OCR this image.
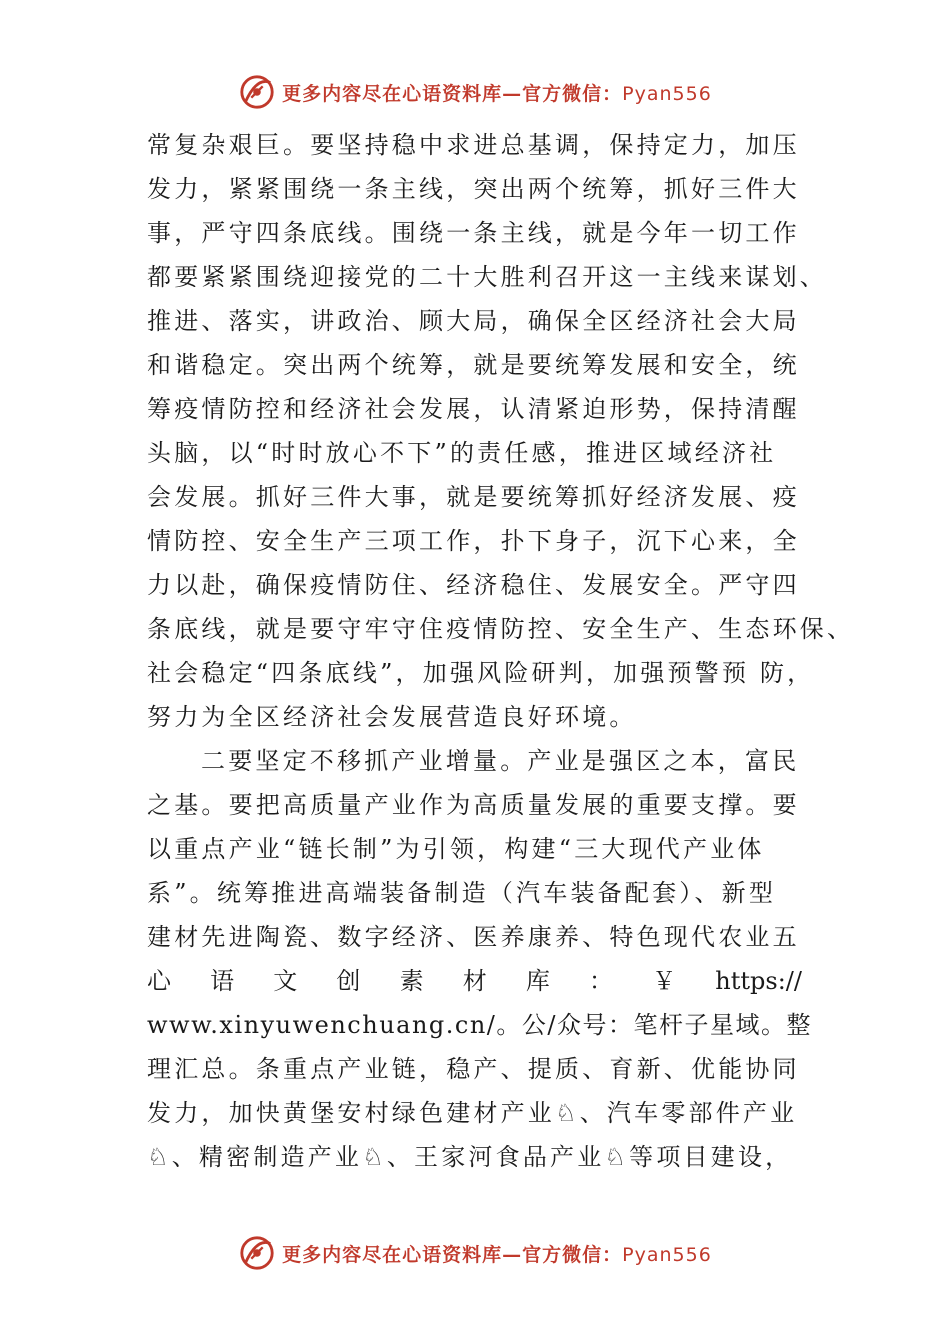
更多内容尽在心语资料库—官方微信：Pyan556
常复杂艰巨。要坚持稳中求进总基调，保持定力，加压
发力，紧紧围绕一条主线，突出两个统筹，抓好三件大
事，严守四条底线。围绕一条主线，就是今年一切工作
都要紧紧围绕迎接党的二十大胜利召开这一主线来谋划、
推进、落实，讲政治、顾大局，确保全区经济社会大局
和谐稳定。突出两个统筹，就是要统筹发展和安全，统
筹疫情防控和经济社会发展，认清紧迫形势，保持清醒
头脑，以“时时放心不下”的责任感，推进区域经济社
会发展。抓好三件大事，就是要统筹抓好经济发展、疫
情防控、安全生产三项工作，扑下身子，沉下心来，全
力以赴，确保疫情防住、经济稳住、发展安全。严守四
条底线，就是要守牢守住疫情防控、安全生产、生态环保、
社会稳定“四条底线”，加强风险研判，加强预警预 防，
努力为全区经济社会发展营造良好环境。
二要坚定不移抓产业增量。产业是强区之本，富民
之基。要把高质量产业作为高质量发展的重要支撑。要
以重点产业“链长制”为引领，构建“三大现代产业体
系”。统筹推进高端装备制造（汽车装备配套）、新型
建材先进陶瓷、数字经济、医养康养、特色现代农业五
心 语 文 创 素 材 库 ： ￥ https://
www.xinyuwenchuang.cn/。公/众号：笔杆子星域。整
理汇总。条重点产业链，稳产、提质、育新、优能协同
发力，加快黄堡安村绿色建材产业♘、汽车零部件产业
♘、精密制造产业♘、王家河食品产业♘等项目建设，
更多内容尽在心语资料库—官方微信：Pyan556
